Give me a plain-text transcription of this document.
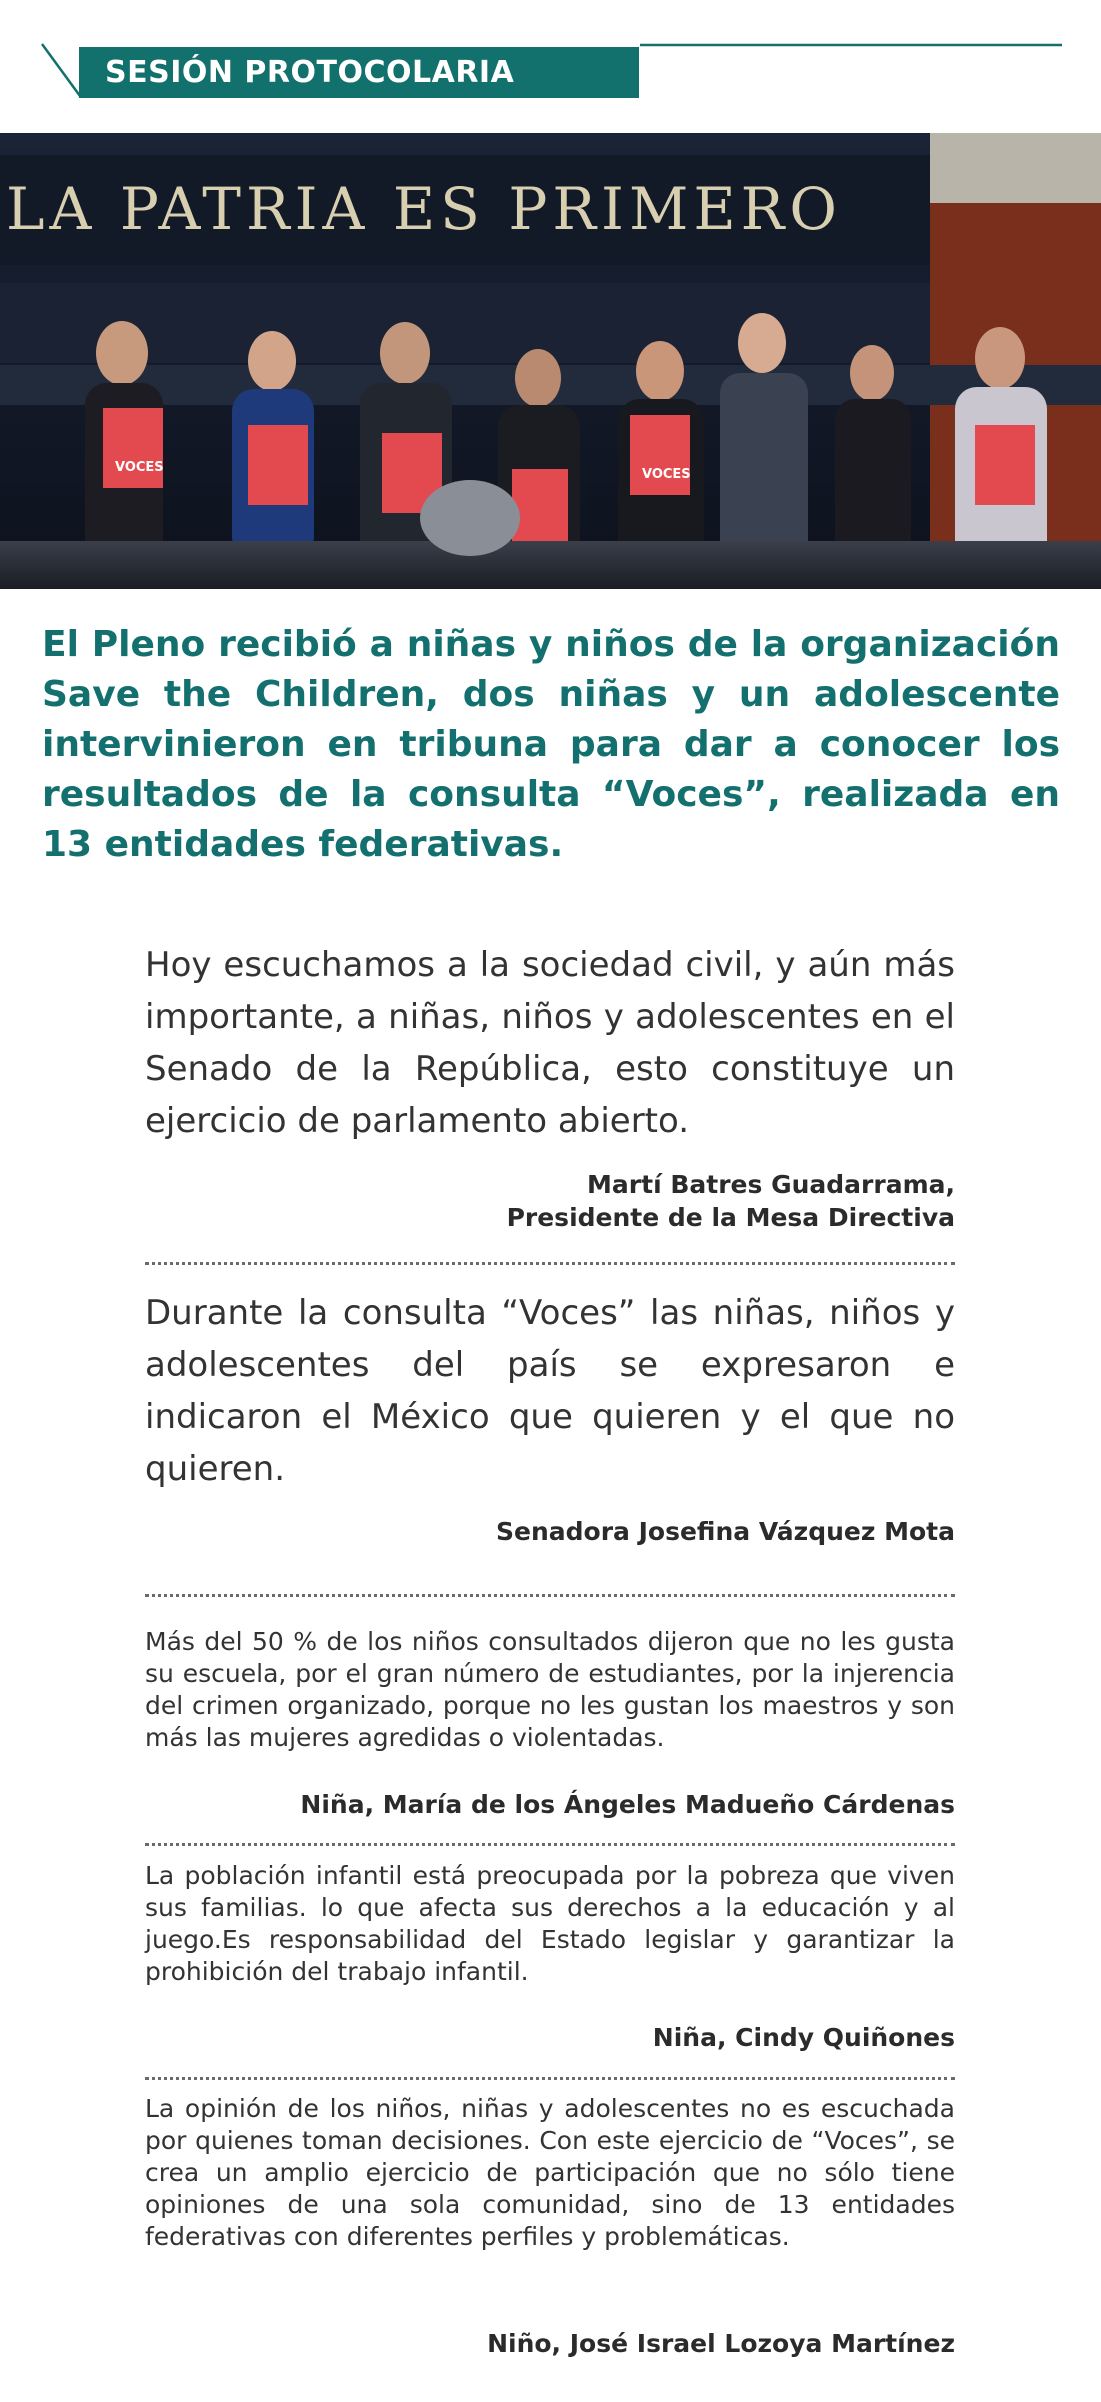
SESIÓN PROTOCOLARIA
LA PATRIA ES PRIMERO
VOCES	VOCES

El Pleno recibió a niñas y niños de la organización Save the Children, dos niñas y un adolescente intervinieron en tribuna para dar a conocer los resultados de la consulta “Voces”, realizada en 13 entidades federativas.

Hoy escuchamos a la sociedad civil, y aún más importante, a niñas, niños y adolescentes en el Senado de la República, esto constituye un ejercicio de parlamento abierto.

Martí Batres Guadarrama,
Presidente de la Mesa Directiva

Durante la consulta “Voces” las niñas, niños y adolescentes del país se expresaron e indicaron el México que quieren y el que no quieren.

Senadora Josefina Vázquez Mota

Más del 50 % de los niños consultados dijeron que no les gusta su escuela, por el gran número de estudiantes, por la injerencia del crimen organizado, porque no les gustan los maestros y son más las mujeres agredidas o violentadas.

Niña, María de los Ángeles Madueño Cárdenas

La población infantil está preocupada por la pobreza que viven sus familias. lo que afecta sus derechos a la educación y al juego.Es responsabilidad del Estado legislar y garantizar la prohibición del trabajo infantil.

Niña, Cindy Quiñones

La opinión de los niños, niñas y adolescentes no es escuchada por quienes toman decisiones. Con este ejercicio de “Voces”, se crea un amplio ejercicio de participación que no sólo tiene opiniones de una sola comunidad, sino de 13 entidades federativas con diferentes perfiles y problemáticas.

Niño, José Israel Lozoya Martínez
